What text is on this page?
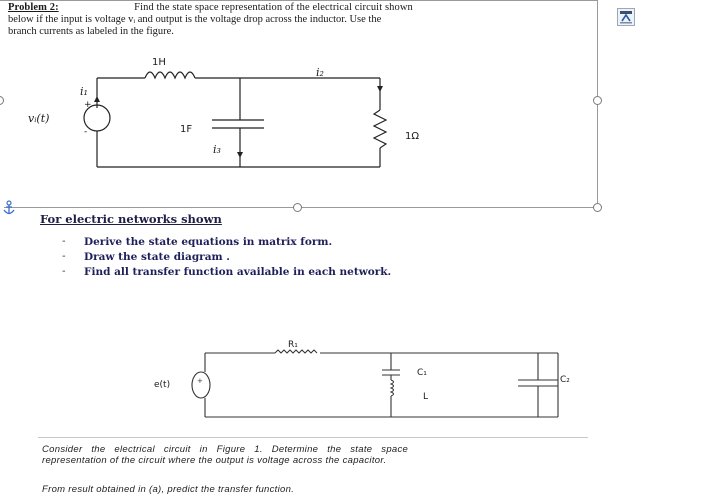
Problem 2:	Find the state space representation of the electrical circuit shown
below if the input is voltage vᵢ and output is the voltage drop across the inductor. Use the
branch currents as labeled in the figure.
1H
1F
1Ω
i₁
i₂
i₃
vᵢ(t)
+
-
For electric networks shown
- Derive the state equations in matrix form.
- Draw the state diagram .
- Find all transfer function available in each network.
+
R₁
e(t)
C₁
L
C₂
Consider the electrical circuit in Figure 1. Determine the state space
representation of the circuit where the output is voltage across the capacitor.
From result obtained in (a), predict the transfer function.
